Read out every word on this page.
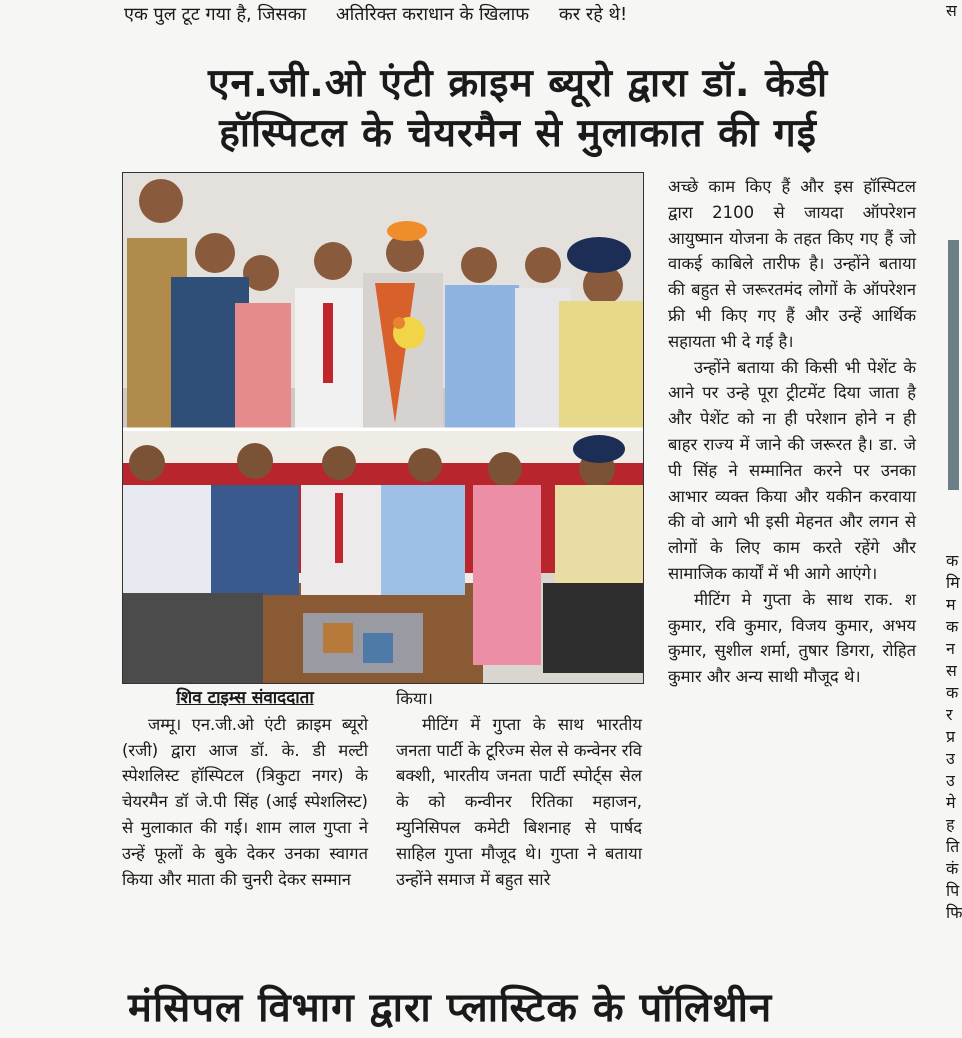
एक पुल टूट गया है, जिसका अतिरिक्त कराधान के खिलाफ कर रहे थे!
एन.जी.ओ एंटी क्राइम ब्यूरो द्वारा डॉ. केडी
हॉस्पिटल के चेयरमैन से मुलाकात की गई

शिव टाइम्स संवाददाता

जम्मू। एन.जी.ओ एंटी क्राइम ब्यूरो (रजी) द्वारा आज डॉ. के. डी मल्टी स्पेशलिस्ट हॉस्पिटल (त्रिकुटा नगर) के चेयरमैन डॉ जे.पी सिंह (आई स्पेशलिस्ट) से मुलाकात की गई। शाम लाल गुप्ता ने उन्हें फूलों के बुके देकर उनका स्वागत किया और माता की चुनरी देकर सम्मान

किया।

मीटिंग में गुप्ता के साथ भारतीय जनता पार्टी के टूरिज्म सेल से कन्वेनर रवि बक्शी, भारतीय जनता पार्टी स्पोर्ट्स सेल के को कन्वीनर रितिका महाजन, म्युनिसिपल कमेटी बिशनाह से पार्षद साहिल गुप्ता मौजूद थे। गुप्ता ने बताया उन्होंने समाज में बहुत सारे

अच्छे काम किए हैं और इस हॉस्पिटल द्वारा 2100 से जायदा ऑपरेशन आयुष्मान योजना के तहत किए गए हैं जो वाकई काबिले तारीफ है। उन्होंने बताया की बहुत से जरूरतमंद लोगों के ऑपरेशन फ्री भी किए गए हैं और उन्हें आर्थिक सहायता भी दे गई है।

उन्होंने बताया की किसी भी पेशेंट के आने पर उन्हे पूरा ट्रीटमेंट दिया जाता है और पेशेंट को ना ही परेशान होने न ही बाहर राज्य में जाने की जरूरत है। डा. जे पी सिंह ने सम्मानित करने पर उनका आभार व्यक्त किया और यकीन करवाया की वो आगे भी इसी मेहनत और लगन से लोगों के लिए काम करते रहेंगे और सामाजिक कार्यों में भी आगे आएंगे।

मीटिंग मे गुप्ता के साथ राक. श कुमार, रवि कुमार, विजय कुमार, अभय कुमार, सुशील शर्मा, तुषार डिगरा, रोहित कुमार और अन्य साथी मौजूद थे।

स

क
मि
म
क
न
स
क
र
प्र
उ
उ
मे
ह
ति
कं
पि
फि
मंसिपल विभाग द्वारा प्लास्टिक के पॉलिथीन
